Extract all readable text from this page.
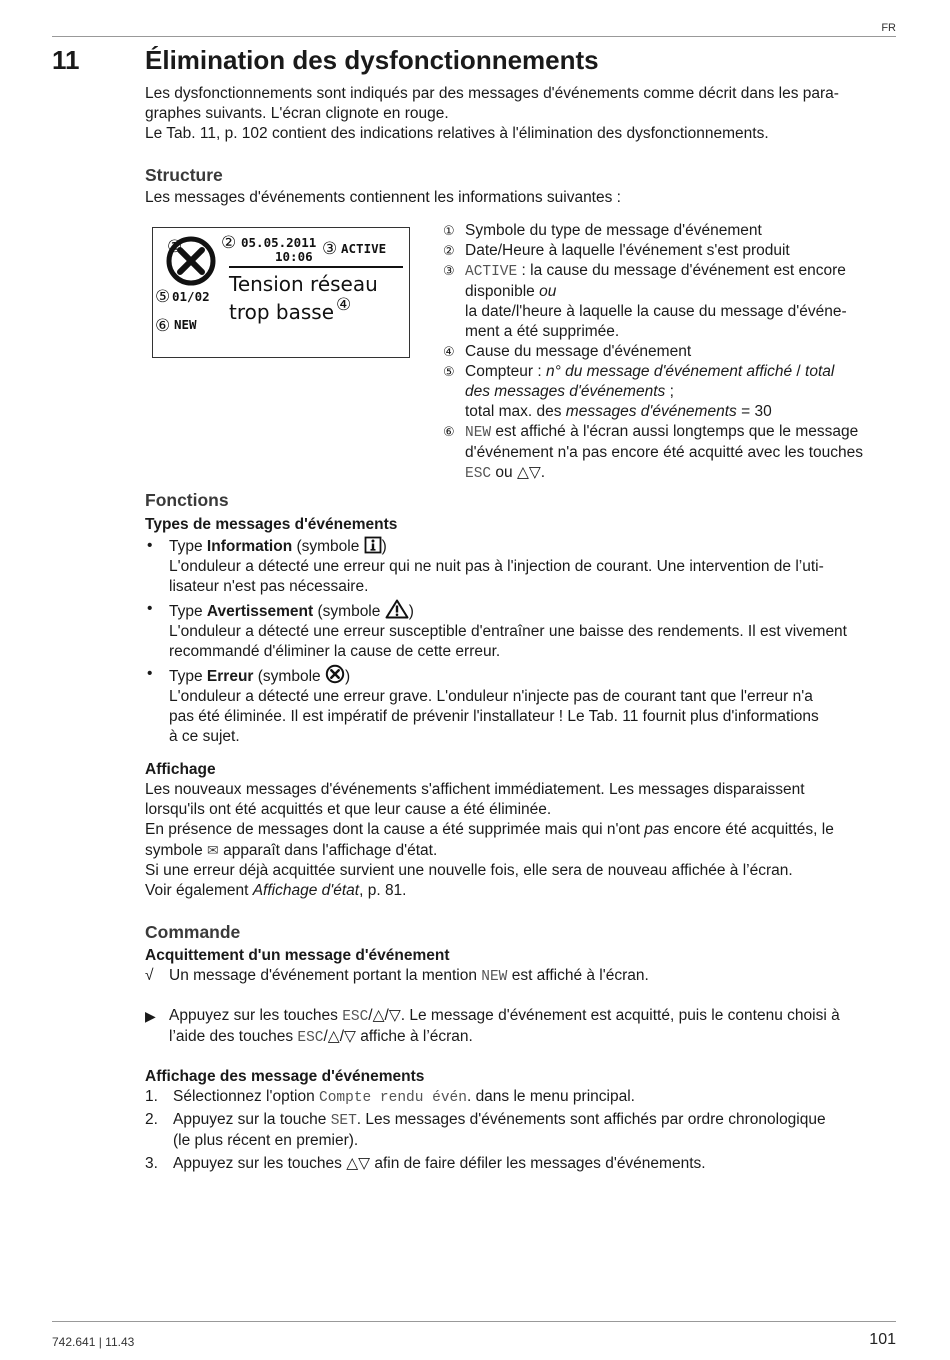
FR
11	Élimination des dysfonctionnements

Les dysfonctionnements sont indiqués par des messages d'événements comme décrit dans les para-

graphes suivants. L'écran clignote en rouge.

Le Tab. 11, p. 102 contient des indications relatives à l'élimination des dysfonctionnements.

Structure

Les messages d'événements contiennent les informations suivantes :

① ② 05.05.2011
10:06 ③ ACTIVE
Tension réseau
trop basse ④
⑤ 01/02
⑥ NEW
① Symbole du type de message d'événement
② Date/Heure à laquelle l'événement s'est produit
③ ACTIVE : la cause du message d'événement est encore
disponible ou
la date/l'heure à laquelle la cause du message d'événe-
ment a été supprimée.
④ Cause du message d'événement
⑤ Compteur : n° du message d'événement affiché / total
des messages d'événements ;
total max. des messages d'événements = 30
⑥ NEW est affiché à l'écran aussi longtemps que le message
d'événement n'a pas encore été acquitté avec les touches
ESC ou △▽.

Fonctions

Types de messages d'événements

• Type Information (symbole )
L'onduleur a détecté une erreur qui ne nuit pas à l'injection de courant. Une intervention de l’uti-
lisateur n'est pas nécessaire.
• Type Avertissement (symbole )
L'onduleur a détecté une erreur susceptible d'entraîner une baisse des rendements. Il est vivement
recommandé d'éliminer la cause de cette erreur.
• Type Erreur (symbole )
L'onduleur a détecté une erreur grave. L'onduleur n'injecte pas de courant tant que l'erreur n'a
pas été éliminée. Il est impératif de prévenir l'installateur ! Le Tab. 11 fournit plus d'informations
à ce sujet.

Affichage

Les nouveaux messages d'événements s'affichent immédiatement. Les messages disparaissent

lorsqu'ils ont été acquittés et que leur cause a été éliminée.

En présence de messages dont la cause a été supprimée mais qui n'ont pas encore été acquittés, le

symbole ✉ apparaît dans l'affichage d'état.

Si une erreur déjà acquittée survient une nouvelle fois, elle sera de nouveau affichée à l’écran.

Voir également Affichage d'état, p. 81.

Commande

Acquittement d'un message d'événement

√ Un message d'événement portant la mention NEW est affiché à l'écran.
▶ Appuyez sur les touches ESC/△/▽. Le message d'événement est acquitté, puis le contenu choisi à
l’aide des touches ESC/△/▽ affiche à l’écran.

Affichage des message d'événements

1. Sélectionnez l'option Compte rendu évén. dans le menu principal.
2. Appuyez sur la touche SET. Les messages d'événements sont affichés par ordre chronologique
(le plus récent en premier).
3. Appuyez sur les touches △▽ afin de faire défiler les messages d'événements.
742.641 | 11.43	101
